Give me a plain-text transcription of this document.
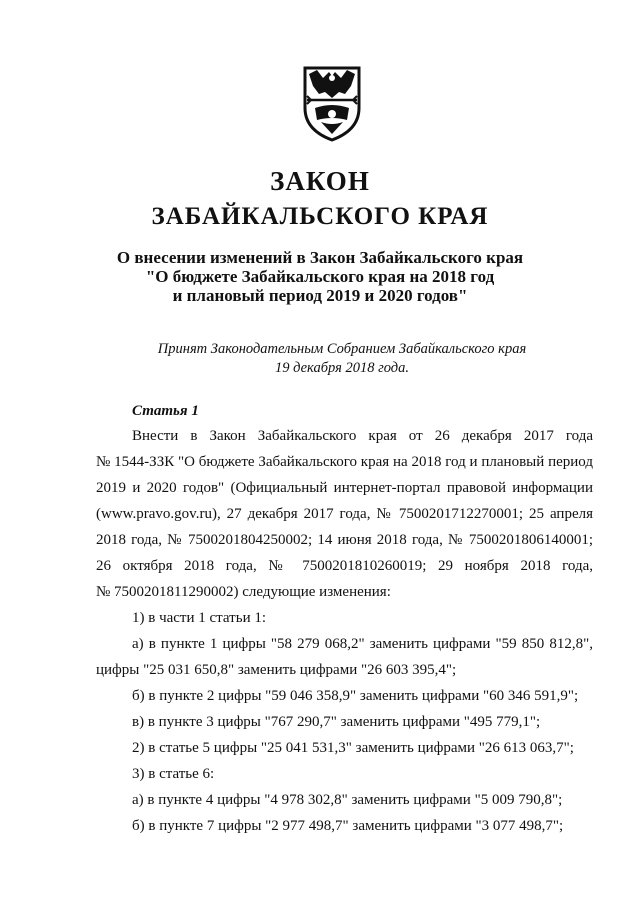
ЗАКОН
ЗАБАЙКАЛЬСКОГО КРАЯ
О внесении изменений в Закон Забайкальского края
"О бюджете Забайкальского края на 2018 год
и плановый период 2019 и 2020 годов"
Принят Законодательным Собранием Забайкальского края
19 декабря 2018 года.
Статья 1
Внести в Закон Забайкальского края от 26 декабря 2017 года
№ 1544-ЗЗК "О бюджете Забайкальского края на 2018 год и плановый период
2019 и 2020 годов" (Официальный интернет-портал правовой информации
(www.pravo.gov.ru), 27 декабря 2017 года, № 7500201712270001; 25 апреля
2018 года, № 7500201804250002; 14 июня 2018 года, № 7500201806140001;
26 октября 2018 года, № 7500201810260019; 29 ноября 2018 года,
№ 7500201811290002) следующие изменения:
1) в части 1 статьи 1:
а) в пункте 1 цифры "58 279 068,2" заменить цифрами "59 850 812,8",
цифры "25 031 650,8" заменить цифрами "26 603 395,4";
б) в пункте 2 цифры "59 046 358,9" заменить цифрами "60 346 591,9";
в) в пункте 3 цифры "767 290,7" заменить цифрами "495 779,1";
2) в статье 5 цифры "25 041 531,3" заменить цифрами "26 613 063,7";
3) в статье 6:
а) в пункте 4 цифры "4 978 302,8" заменить цифрами "5 009 790,8";
б) в пункте 7 цифры "2 977 498,7" заменить цифрами "3 077 498,7";
